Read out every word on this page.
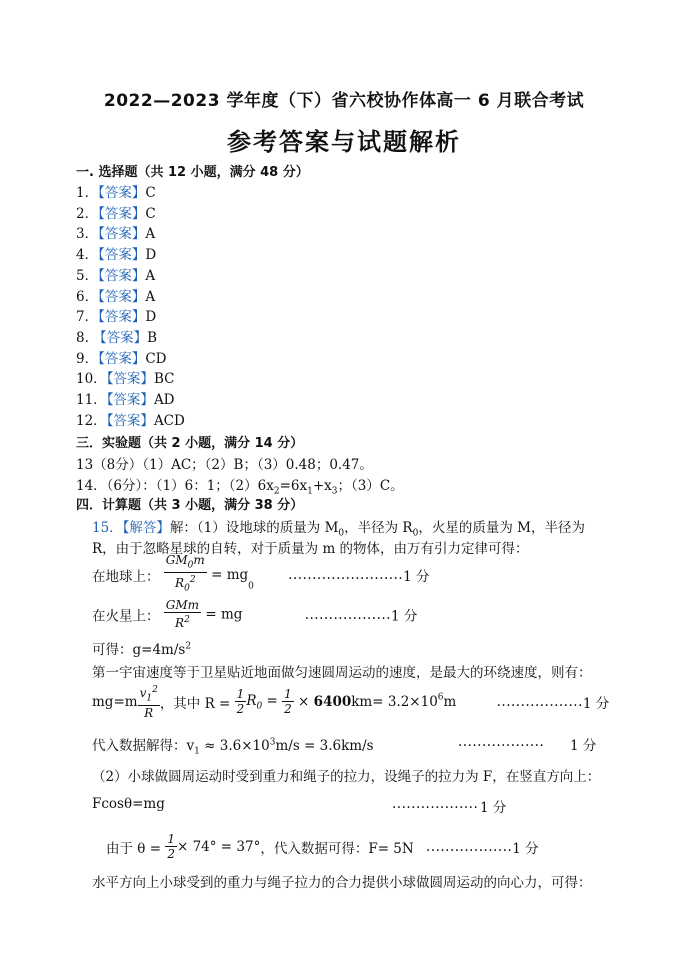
2022—2023 学年度（下）省六校协作体高一 6 月联合考试
参考答案与试题解析
一. 选择题（共 12 小题，满分 48 分）
1．【答案】C
2．【答案】C
3．【答案】A
4．【答案】D
5．【答案】A
6．【答案】A
7．【答案】D
8. 【答案】B
9．【答案】CD
10．【答案】BC
11．【答案】AD
12．【答案】ACD
三．实验题（共 2 小题，满分 14 分）
13（8分）（1）AC；（2）B；（3）0.48；0.47。
14．（6分）：（1）6：1；$(2)6x_2=6x_1+x_3$；（3）C。
四．计算题（共 3 小题，满分 38 分）
15．【解答】解：（1）设地球的质量为 $M_0$，半径为 $R_0$，火星的质量为 M，半径为
R，由于忽略星球的自转，对于质量为 m 的物体，由万有引力定律可得：
在地球上： $\frac{GM_0m}{R_0^2} = mg_0$ ........................1 分
在火星上： $\frac{\text{GMm}}{R^2}$ = mg	..................1 分
可得：$g=4m/s^2$
第一宇宙速度等于卫星贴近地面做匀速圆周运动的速度，是最大的环绕速度，则有：
$mg=m \frac{v_1^2}{R}$ ，其中 $R = \frac{1}{2} R_0 = \frac{1}{2} \times 6400km= 3.2\times 10^6m$	..................1 分
代入数据解得：$v_1 \approx 3.6\times 10^3m/s = 3.6km/s$	.................. 1 分
（2）小球做圆周运动时受到重力和绳子的拉力，设绳子的拉力为 F，在竖直方向上：
Fcosθ=mg	.................. 1 分
由于 $\theta = \frac{1}{2} \times 74^\circ = 37^\circ$，代入数据可得：F= 5N ..................1 分
水平方向上小球受到的重力与绳子拉力的合力提供小球做圆周运动的向心力，可得：
